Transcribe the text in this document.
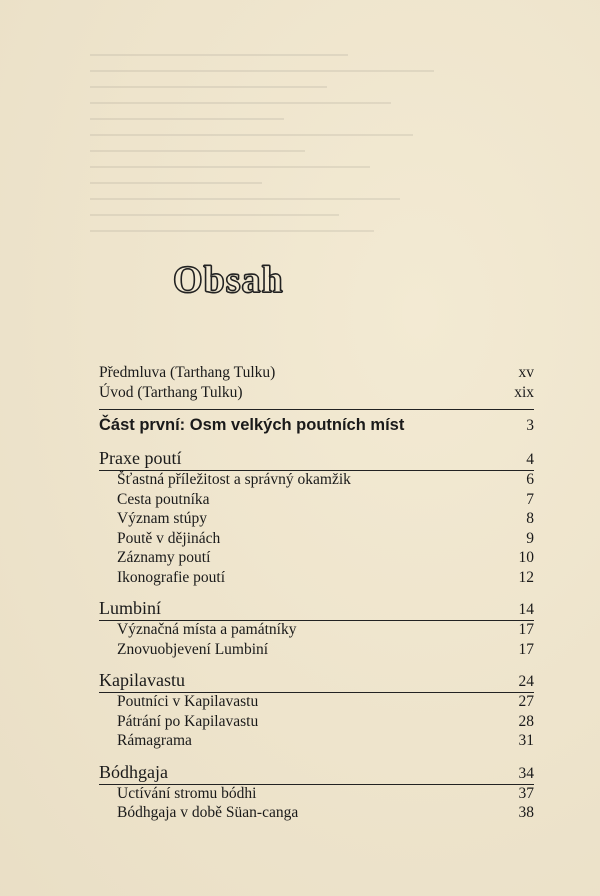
Obsah
Předmluva (Tarthang Tulku)	xv
Úvod (Tarthang Tulku)	xix
Část první: Osm velkých poutních míst	3
Praxe poutí	4
Šťastná příležitost a správný okamžik	6
Cesta poutníka	7
Význam stúpy	8
Poutě v dějinách	9
Záznamy poutí	10
Ikonografie poutí	12
Lumbiní	14
Význačná místa a památníky	17
Znovuobjevení Lumbiní	17
Kapilavastu	24
Poutníci v Kapilavastu	27
Pátrání po Kapilavastu	28
Rámagrama	31
Bódhgaja	34
Uctívání stromu bódhi	37
Bódhgaja v době Süan-canga	38
